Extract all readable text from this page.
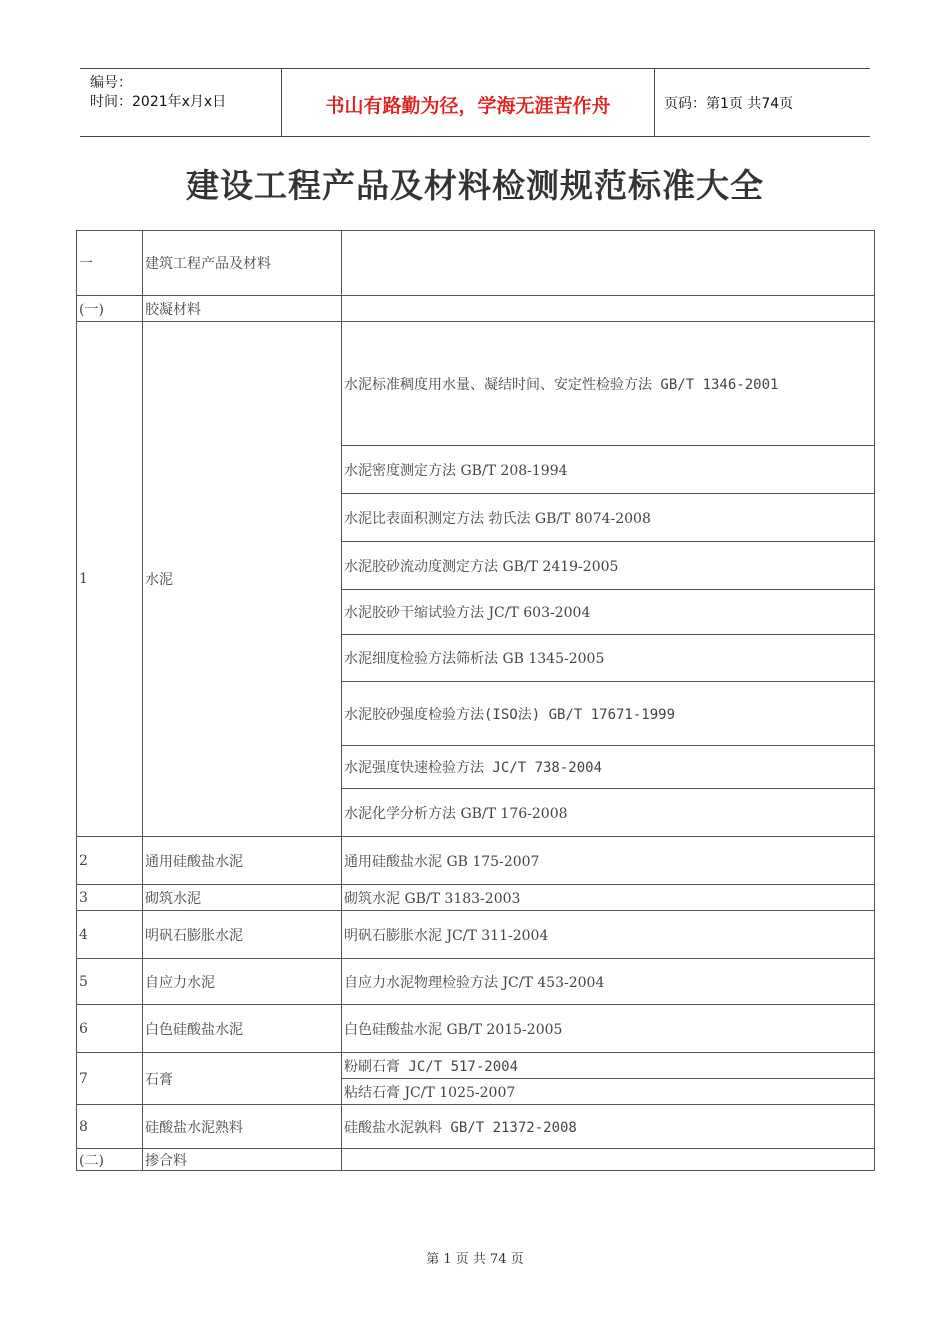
编号：
时间：2021年x月x日	书山有路勤为径，学海无涯苦作舟	页码：第1页 共74页
建设工程产品及材料检测规范标准大全
一	建筑工程产品及材料	
(一)	胶凝材料	
1	水泥	水泥标准稠度用水量、凝结时间、安定性检验方法 GB/T 1346-2001
		水泥密度测定方法 GB/T 208-1994
		水泥比表面积测定方法 勃氏法 GB/T 8074-2008
		水泥胶砂流动度测定方法 GB/T 2419-2005
		水泥胶砂干缩试验方法 JC/T 603-2004
		水泥细度检验方法筛析法 GB 1345-2005
		水泥胶砂强度检验方法(ISO法) GB/T 17671-1999
		水泥强度快速检验方法 JC/T 738-2004
		水泥化学分析方法 GB/T 176-2008
2	通用硅酸盐水泥	通用硅酸盐水泥 GB 175-2007
3	砌筑水泥	砌筑水泥 GB/T 3183-2003
4	明矾石膨胀水泥	明矾石膨胀水泥 JC/T 311-2004
5	自应力水泥	自应力水泥物理检验方法 JC/T 453-2004
6	白色硅酸盐水泥	白色硅酸盐水泥 GB/T 2015-2005
7	石膏	粉刷石膏 JC/T 517-2004
		粘结石膏 JC/T 1025-2007
8	硅酸盐水泥熟料	硅酸盐水泥孰料 GB/T 21372-2008
(二)	掺合料	
第 1 页 共 74 页
